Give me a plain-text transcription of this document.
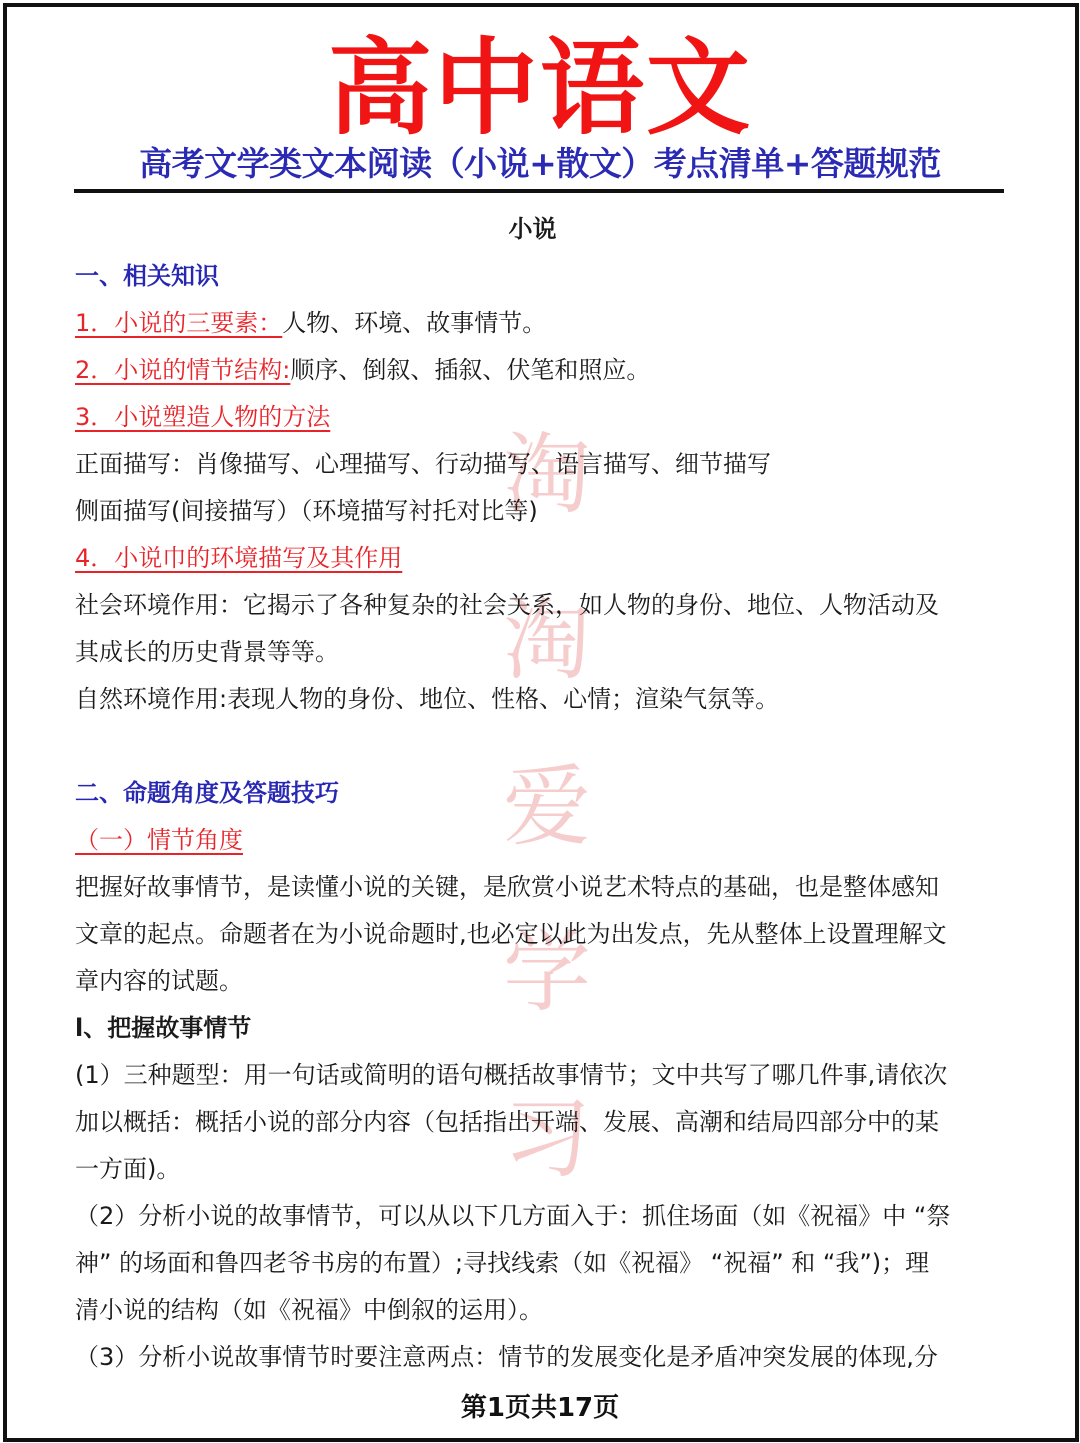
高中语文
高考文学类文本阅读（小说+散文）考点清单+答题规范
淘
淘
爱
学
习
小说
一、相关知识
1．小说的三要素：人物、环境、故事情节。
2．小说的情节结构:顺序、倒叙、插叙、伏笔和照应。
3．小说塑造人物的方法
正面描写：肖像描写、心理描写、行动描写、语言描写、细节描写
侧面描写(间接描写）（环境描写衬托对比等)
4．小说巾的环境描写及其作用
社会环境作用：它揭示了各种复杂的社会关系，如人物的身份、地位、人物活动及
其成长的历史背景等等。
自然环境作用:表现人物的身份、地位、性格、心情；渲染气氛等。
二、命题角度及答题技巧
（一）情节角度
把握好故事情节，是读懂小说的关键，是欣赏小说艺术特点的基础，也是整体感知
文章的起点。命题者在为小说命题时,也必定以此为出发点，先从整体上设置理解文
章内容的试题。
l、把握故事情节
(1）三种题型：用一句话或简明的语句概括故事情节；文中共写了哪几件事,请依次
加以概括：概括小说的部分内容（包括指出开端、发展、高潮和结局四部分中的某
一方面)。
（2）分析小说的故事情节，可以从以下几方面入于：抓住场面（如《祝福》中 “祭
神” 的场面和鲁四老爷书房的布置）;寻找线索（如《祝福》 “祝福” 和 “我”)；理
清小说的结构（如《祝福》中倒叙的运用）。
（3）分析小说故事情节时要注意两点：情节的发展变化是矛盾冲突发展的体现,分
第1页共17页
